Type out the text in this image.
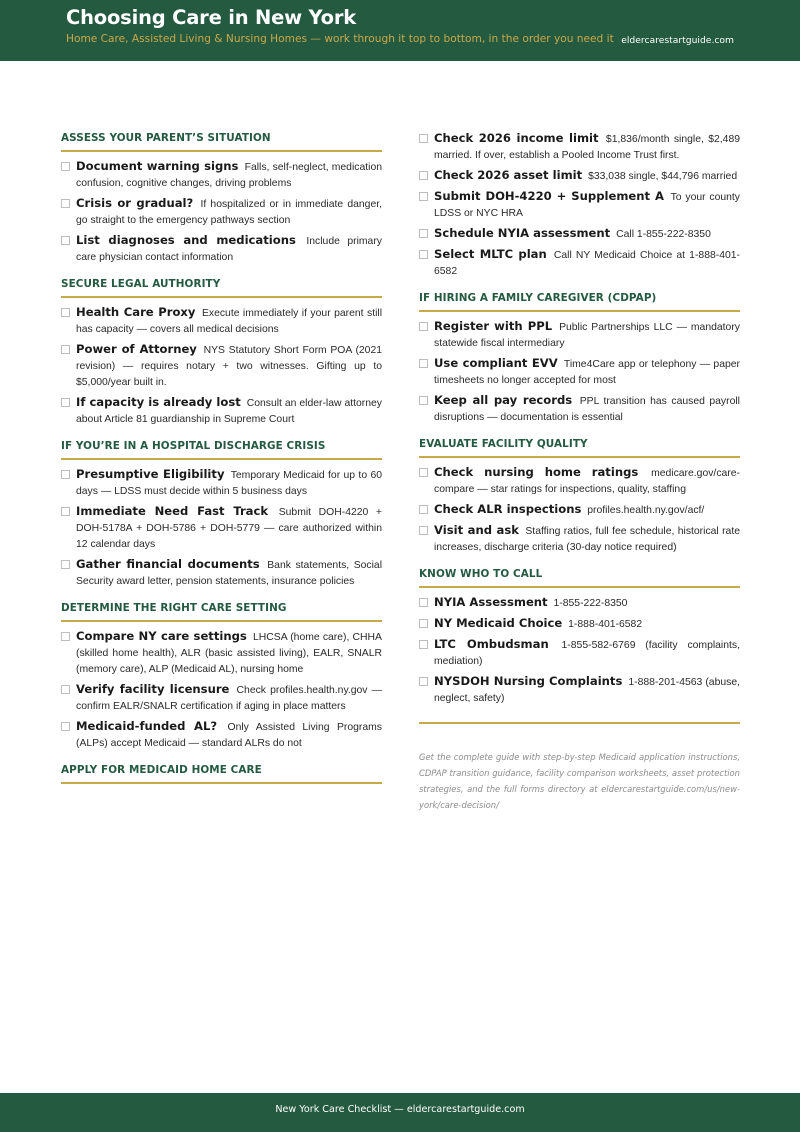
Choosing Care in New York
Home Care, Assisted Living & Nursing Homes — work through it top to bottom, in the order you need it eldercarestartguide.com
ASSESS YOUR PARENT’S SITUATION
Document warning signs Falls, self-neglect, medication confusion, cognitive changes, driving problems
Crisis or gradual? If hospitalized or in immediate danger, go straight to the emergency pathways section
List diagnoses and medications Include primary care physician contact information
SECURE LEGAL AUTHORITY
Health Care Proxy Execute immediately if your parent still has capacity — covers all medical decisions
Power of Attorney NYS Statutory Short Form POA (2021 revision) — requires notary + two witnesses. Gifting up to $5,000/year built in.
If capacity is already lost Consult an elder-law attorney about Article 81 guardianship in Supreme Court
IF YOU’RE IN A HOSPITAL DISCHARGE CRISIS
Presumptive Eligibility Temporary Medicaid for up to 60 days — LDSS must decide within 5 business days
Immediate Need Fast Track Submit DOH-4220 + DOH-5178A + DOH-5786 + DOH-5779 — care authorized within 12 calendar days
Gather financial documents Bank statements, Social Security award letter, pension statements, insurance policies
DETERMINE THE RIGHT CARE SETTING
Compare NY care settings LHCSA (home care), CHHA (skilled home health), ALR (basic assisted living), EALR, SNALR (memory care), ALP (Medicaid AL), nursing home
Verify facility licensure Check profiles.health.ny.gov — confirm EALR/SNALR certification if aging in place matters
Medicaid-funded AL? Only Assisted Living Programs (ALPs) accept Medicaid — standard ALRs do not
APPLY FOR MEDICAID HOME CARE
Check 2026 income limit $1,836/month single, $2,489 married. If over, establish a Pooled Income Trust first.
Check 2026 asset limit $33,038 single, $44,796 married
Submit DOH-4220 + Supplement A To your county LDSS or NYC HRA
Schedule NYIA assessment Call 1-855-222-8350
Select MLTC plan Call NY Medicaid Choice at 1-888-401-6582
IF HIRING A FAMILY CAREGIVER (CDPAP)
Register with PPL Public Partnerships LLC — mandatory statewide fiscal intermediary
Use compliant EVV Time4Care app or telephony — paper timesheets no longer accepted for most
Keep all pay records PPL transition has caused payroll disruptions — documentation is essential
EVALUATE FACILITY QUALITY
Check nursing home ratings medicare.gov/care-compare — star ratings for inspections, quality, staffing
Check ALR inspections profiles.health.ny.gov/acf/
Visit and ask Staffing ratios, full fee schedule, historical rate increases, discharge criteria (30-day notice required)
KNOW WHO TO CALL
NYIA Assessment 1-855-222-8350
NY Medicaid Choice 1-888-401-6582
LTC Ombudsman 1-855-582-6769 (facility complaints, mediation)
NYSDOH Nursing Complaints 1-888-201-4563 (abuse, neglect, safety)
Get the complete guide with step-by-step Medicaid application instructions, CDPAP transition guidance, facility comparison worksheets, asset protection strategies, and the full forms directory at eldercarestartguide.com/us/new-york/care-decision/
New York Care Checklist — eldercarestartguide.com
